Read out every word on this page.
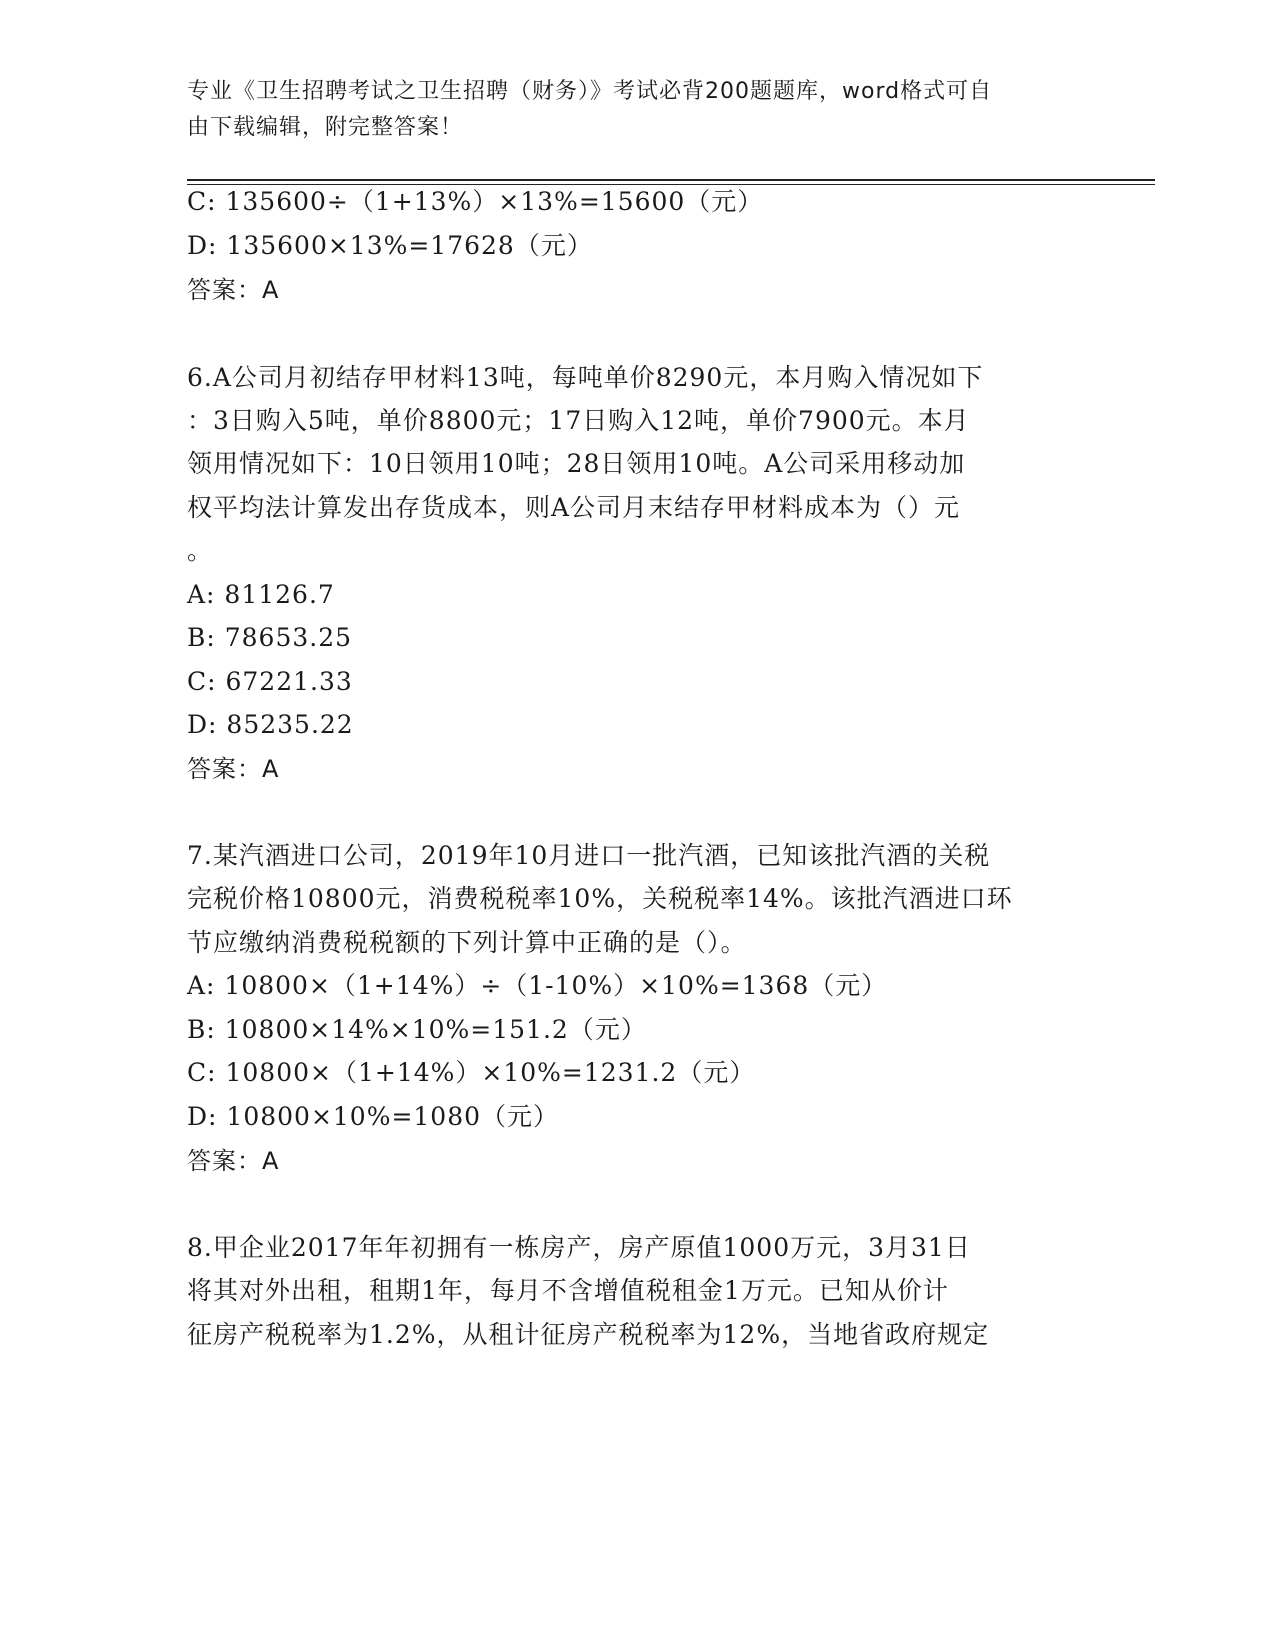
专业《卫生招聘考试之卫生招聘（财务）》考试必背200题题库，word格式可自
由下载编辑，附完整答案！
C: 135600÷（1+13%）×13%=15600（元）
D: 135600×13%=17628（元）
答案：A
6.A公司月初结存甲材料13吨，每吨单价8290元，本月购入情况如下
：3日购入5吨，单价8800元；17日购入12吨，单价7900元。本月
领用情况如下：10日领用10吨；28日领用10吨。A公司采用移动加
权平均法计算发出存货成本，则A公司月末结存甲材料成本为（）元
。
A: 81126.7
B: 78653.25
C: 67221.33
D: 85235.22
答案：A
7.某汽酒进口公司，2019年10月进口一批汽酒，已知该批汽酒的关税
完税价格10800元，消费税税率10%，关税税率14%。该批汽酒进口环
节应缴纳消费税税额的下列计算中正确的是（）。
A: 10800×（1+14%）÷（1-10%）×10%=1368（元）
B: 10800×14%×10%=151.2（元）
C: 10800×（1+14%）×10%=1231.2（元）
D: 10800×10%=1080（元）
答案：A
8.甲企业2017年年初拥有一栋房产，房产原值1000万元，3月31日
将其对外出租，租期1年，每月不含增值税租金1万元。已知从价计
征房产税税率为1.2%，从租计征房产税税率为12%，当地省政府规定
